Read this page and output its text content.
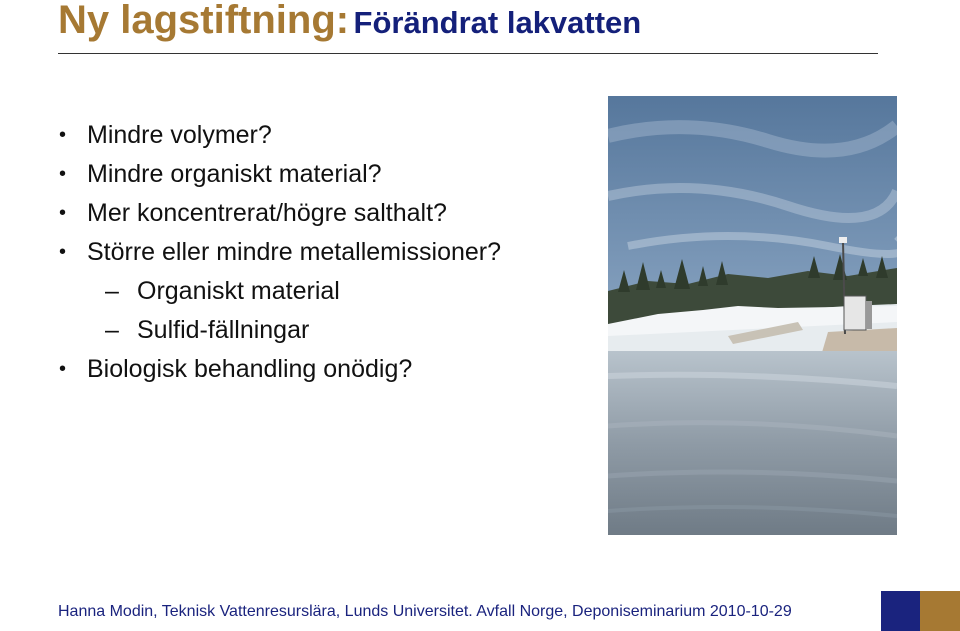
Ny lagstiftning: Förändrat lakvatten
• Mindre volymer?
• Mindre organiskt material?
• Mer koncentrerat/högre salthalt?
• Större eller mindre metallemissioner?
– Organiskt material
– Sulfid-fällningar
• Biologisk behandling onödig?
Hanna Modin, Teknisk Vattenresurslära, Lunds Universitet. Avfall Norge, Deponiseminarium 2010-10-29
